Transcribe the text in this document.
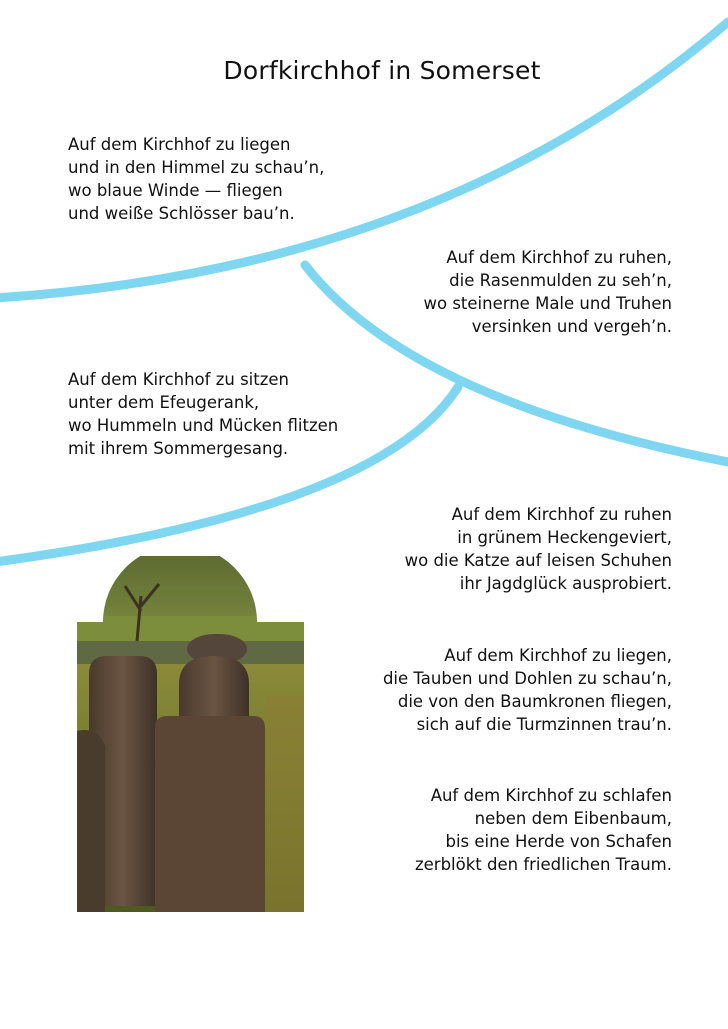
Dorfkirchhof in Somerset
Auf dem Kirchhof zu liegen
und in den Himmel zu schau’n,
wo blaue Winde — fliegen
und weiße Schlösser bau’n.
Auf dem Kirchhof zu ruhen,
die Rasenmulden zu seh’n,
wo steinerne Male und Truhen
versinken und vergeh’n.
Auf dem Kirchhof zu sitzen
unter dem Efeugerank,
wo Hummeln und Mücken flitzen
mit ihrem Sommergesang.
Auf dem Kirchhof zu ruhen
in grünem Heckengeviert,
wo die Katze auf leisen Schuhen
ihr Jagdglück ausprobiert.
Auf dem Kirchhof zu liegen,
die Tauben und Dohlen zu schau’n,
die von den Baumkronen fliegen,
sich auf die Turmzinnen trau’n.
Auf dem Kirchhof zu schlafen
neben dem Eibenbaum,
bis eine Herde von Schafen
zerblökt den friedlichen Traum.
